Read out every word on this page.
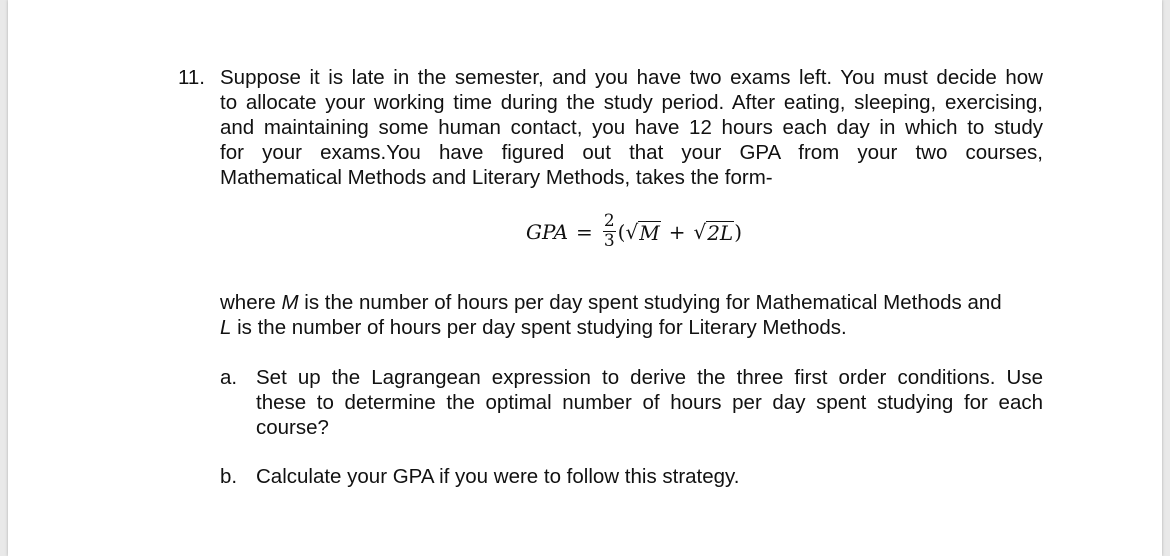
11. Suppose it is late in the semester, and you have two exams left. You must decide how
to allocate your working time during the study period. After eating, sleeping, exercising,
and maintaining some human contact, you have 12 hours each day in which to study
for your exams.You have figured out that your GPA from your two courses,
Mathematical Methods and Literary Methods, takes the form-
GPA = $\frac{2}{3}$ ( √ M + √ 2L )
where M is the number of hours per day spent studying for Mathematical Methods and
L is the number of hours per day spent studying for Literary Methods.
a. Set up the Lagrangean expression to derive the three first order conditions. Use
these to determine the optimal number of hours per day spent studying for each
course?
b. Calculate your GPA if you were to follow this strategy.
